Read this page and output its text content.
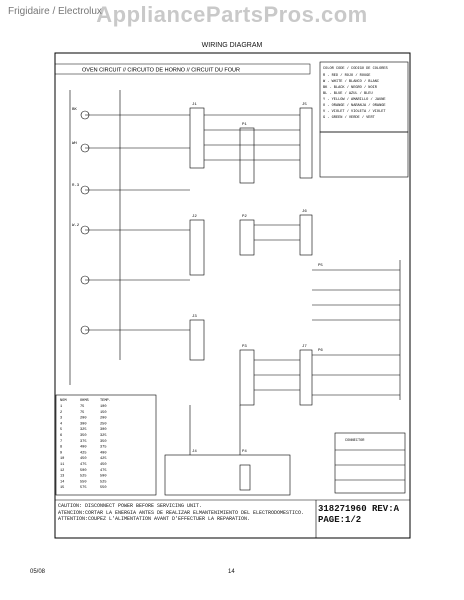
AppliancePartsPros.com
Frigidaire / Electrolux
WIRING DIAGRAM
J1
J2
J3
P1
P2
P3
J5
J6
J7
J4	P4
BK
WH
R-3
W-2
P5
P6
OVEN CIRCUIT // CIRCUITO DE HORNO // CIRCUIT DU FOUR	COLOR CODE / CODIGO DE COLORES
R - RED / ROJO / ROUGE
W - WHITE / BLANCO / BLANC
BK - BLACK / NEGRO / NOIR
BL - BLUE / AZUL / BLEU
Y - YELLOW / AMARILLO / JAUNE
O - ORANGE / NARANJA / ORANGE
V - VIOLET / VIOLETA / VIOLET
G - GREEN / VERDE / VERT
CONNECTOR
NOM	OHMS	TEMP.
1	75	100
2	75	150
3	200	200
4	300	250
5	325	300
6	350	325
7	375	350
8	400	375
9	425	400
10	450	425
11	475	450
12	500	475
13	525	500
14	550	525
15	575	550
CAUTION: DISCONNECT POWER BEFORE SERVICING UNIT.
ATENCION:CORTAR LA ENERGIA ANTES DE REALIZAR ELMANTENIMIENTO DEL ELECTRODOMESTICO.
ATTENTION:COUPEZ L'ALIMENTATION AVANT D'EFFECTUER LA REPARATION.
318271960 REV:A
PAGE:1/2
05/08	14
